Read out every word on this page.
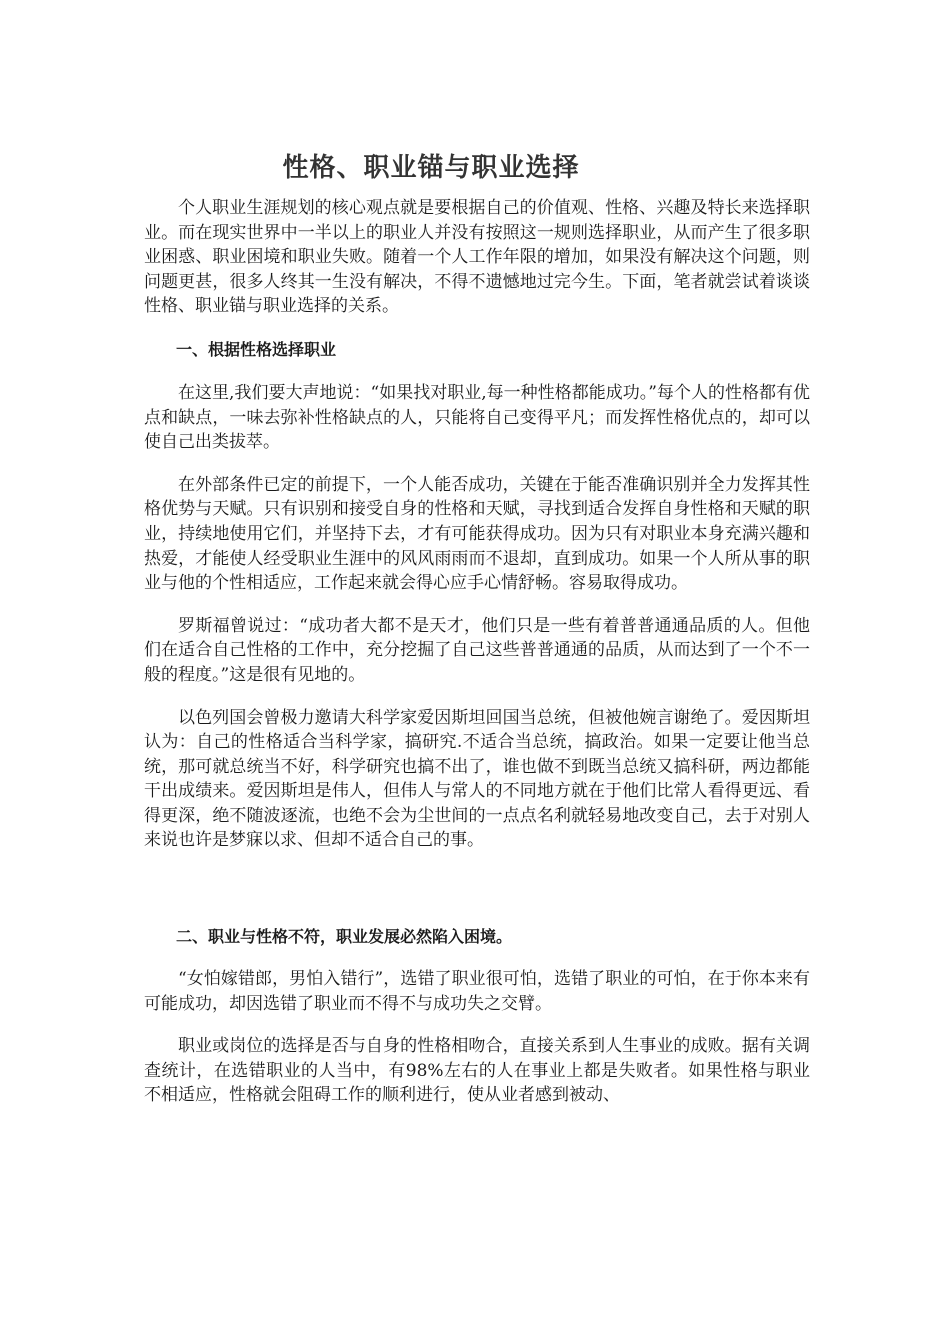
性格、职业锚与职业选择

个人职业生涯规划的核心观点就是要根据自己的价值观、性格、兴趣及特长来选择职业。而在现实世界中一半以上的职业人并没有按照这一规则选择职业，从而产生了很多职业困惑、职业困境和职业失败。随着一个人工作年限的增加，如果没有解决这个问题，则问题更甚，很多人终其一生没有解决，不得不遗憾地过完今生。下面，笔者就尝试着谈谈性格、职业锚与职业选择的关系。

一、根据性格选择职业

在这里,我们要大声地说：“如果找对职业,每一种性格都能成功。”每个人的性格都有优点和缺点，一味去弥补性格缺点的人，只能将自己变得平凡；而发挥性格优点的，却可以使自己出类拔萃。

在外部条件已定的前提下，一个人能否成功，关键在于能否准确识别并全力发挥其性格优势与天赋。只有识别和接受自身的性格和天赋，寻找到适合发挥自身性格和天赋的职业，持续地使用它们，并坚持下去，才有可能获得成功。因为只有对职业本身充满兴趣和热爱，才能使人经受职业生涯中的风风雨雨而不退却，直到成功。如果一个人所从事的职业与他的个性相适应，工作起来就会得心应手心情舒畅。容易取得成功。

罗斯福曾说过：“成功者大都不是天才，他们只是一些有着普普通通品质的人。但他们在适合自己性格的工作中，充分挖掘了自己这些普普通通的品质，从而达到了一个不一般的程度。”这是很有见地的。

以色列国会曾极力邀请大科学家爱因斯坦回国当总统，但被他婉言谢绝了。爱因斯坦认为：自己的性格适合当科学家，搞研究.不适合当总统，搞政治。如果一定要让他当总统，那可就总统当不好，科学研究也搞不出了，谁也做不到既当总统又搞科研，两边都能干出成绩来。爱因斯坦是伟人，但伟人与常人的不同地方就在于他们比常人看得更远、看得更深，绝不随波逐流，也绝不会为尘世间的一点点名利就轻易地改变自己，去于对别人来说也许是梦寐以求、但却不适合自己的事。

二、职业与性格不符，职业发展必然陷入困境。

“女怕嫁错郎，男怕入错行”，选错了职业很可怕，选错了职业的可怕，在于你本来有可能成功，却因选错了职业而不得不与成功失之交臂。

职业或岗位的选择是否与自身的性格相吻合，直接关系到人生事业的成败。据有关调查统计，在选错职业的人当中，有98%左右的人在事业上都是失败者。如果性格与职业不相适应，性格就会阻碍工作的顺利进行，使从业者感到被动、
